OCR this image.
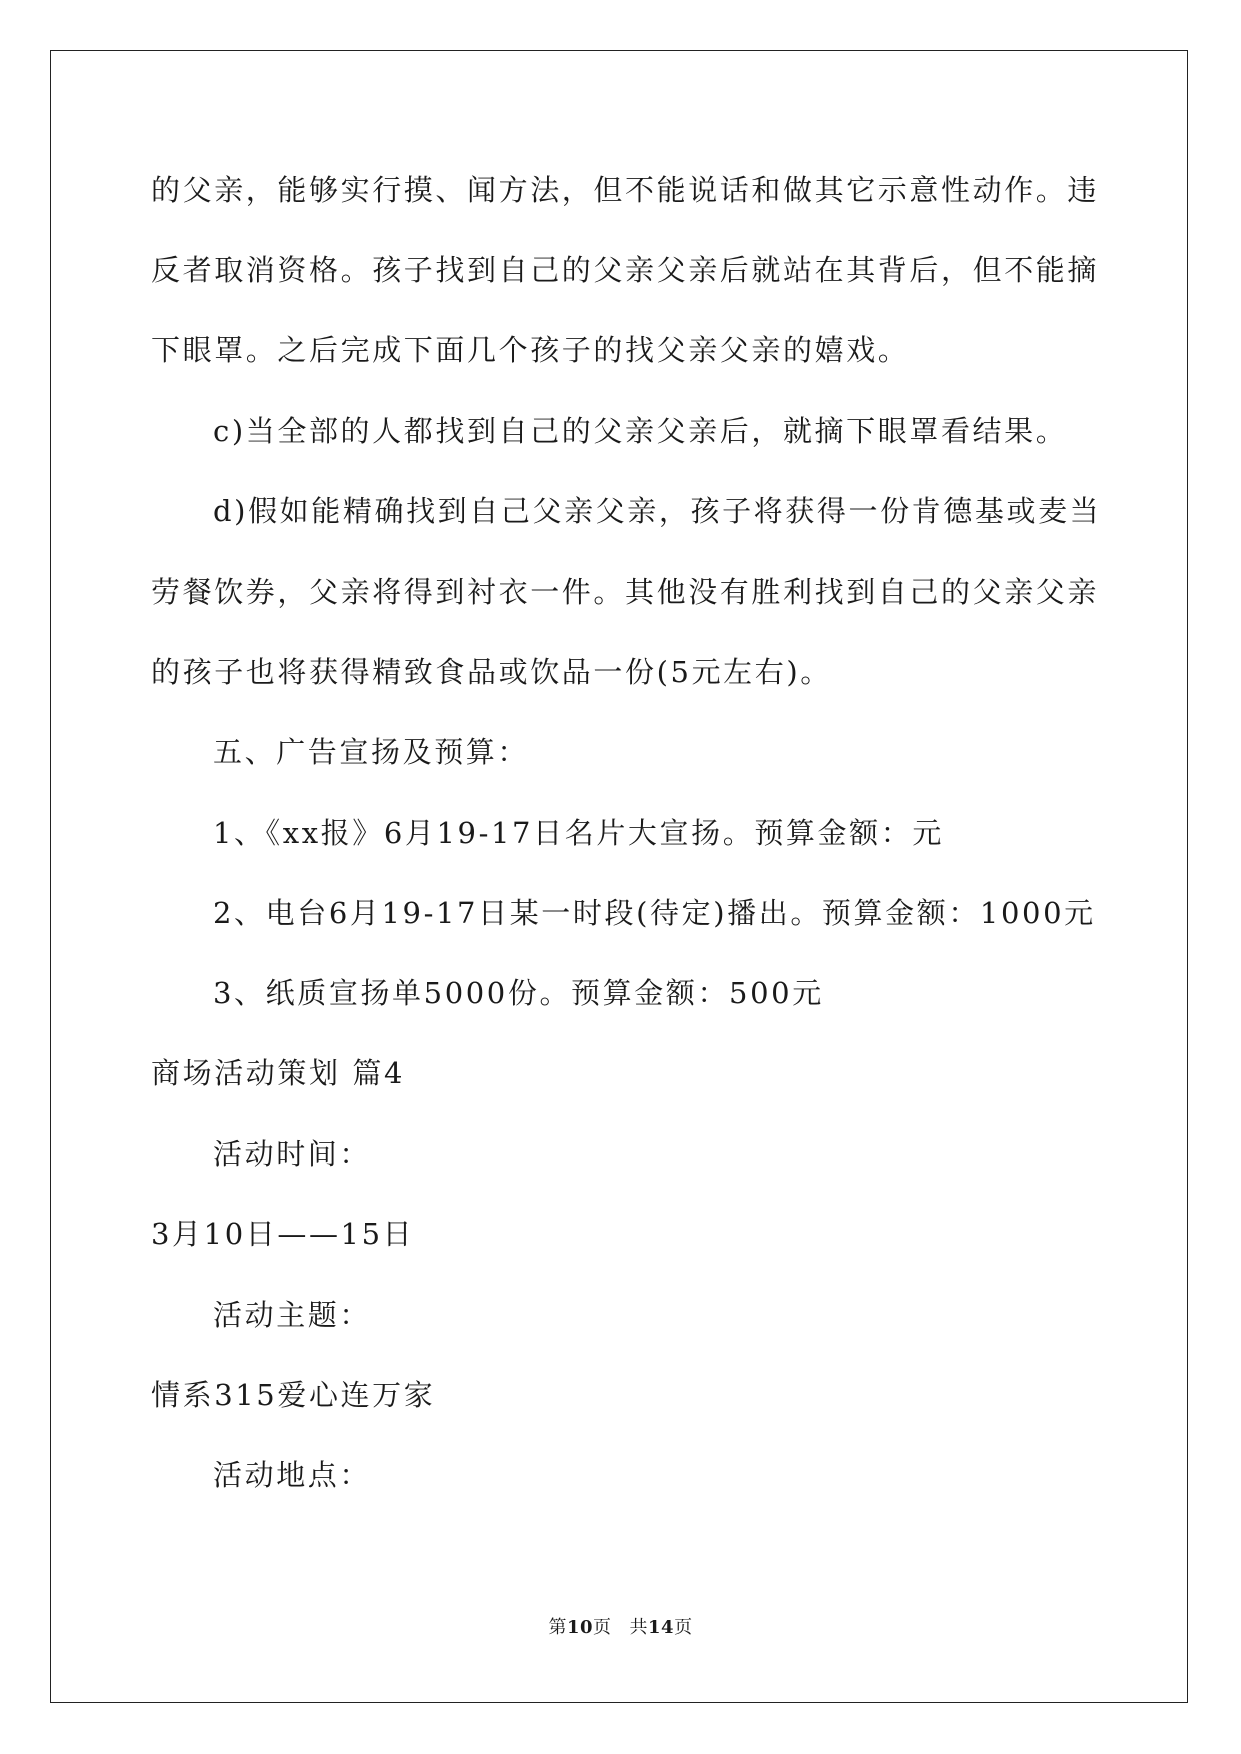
的父亲，能够实行摸、闻方法，但不能说话和做其它示意性动作。违
反者取消资格。孩子找到自己的父亲父亲后就站在其背后，但不能摘
下眼罩。之后完成下面几个孩子的找父亲父亲的嬉戏。
c)当全部的人都找到自己的父亲父亲后，就摘下眼罩看结果。
d)假如能精确找到自己父亲父亲，孩子将获得一份肯德基或麦当
劳餐饮券，父亲将得到衬衣一件。其他没有胜利找到自己的父亲父亲
的孩子也将获得精致食品或饮品一份(5元左右)。
五、广告宣扬及预算：
1、《xx报》6月19-17日名片大宣扬。预算金额：元
2、电台6月19-17日某一时段(待定)播出。预算金额：1000元
3、纸质宣扬单5000份。预算金额：500元
商场活动策划 篇4
活动时间：
3月10日——15日
活动主题：
情系315爱心连万家
活动地点：
第10页 共14页
